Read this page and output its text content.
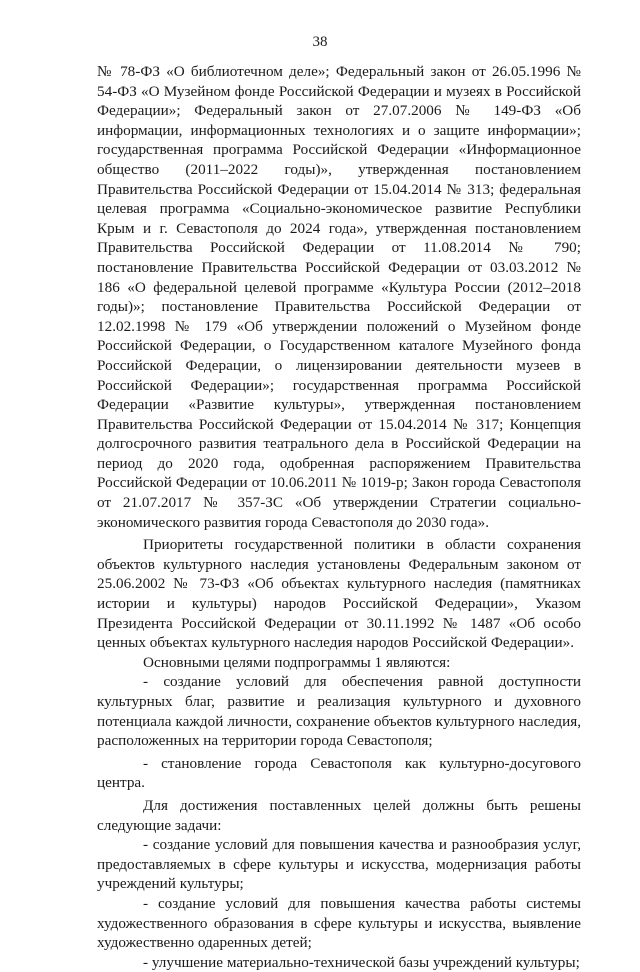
38

№ 78-ФЗ «О библиотечном деле»; Федеральный закон от 26.05.1996 № 54-ФЗ «О Музейном фонде Российской Федерации и музеях в Российской Федерации»; Федеральный закон от 27.07.2006 № 149-ФЗ «Об информации, информационных технологиях и о защите информации»; государственная программа Российской Федерации «Информационное общество (2011–2022 годы)», утвержденная постановлением Правительства Российской Федерации от 15.04.2014 № 313; федеральная целевая программа «Социально-экономическое развитие Республики Крым и г. Севастополя до 2024 года», утвержденная постановлением Правительства Российской Федерации от 11.08.2014 № 790; постановление Правительства Российской Федерации от 03.03.2012 № 186 «О федеральной целевой программе «Культура России (2012–2018 годы)»; постановление Правительства Российской Федерации от 12.02.1998 № 179 «Об утверждении положений о Музейном фонде Российской Федерации, о Государственном каталоге Музейного фонда Российской Федерации, о лицензировании деятельности музеев в Российской Федерации»; государственная программа Российской Федерации «Развитие культуры», утвержденная постановлением Правительства Российской Федерации от 15.04.2014 № 317; Концепция долгосрочного развития театрального дела в Российской Федерации на период до 2020 года, одобренная распоряжением Правительства Российской Федерации от 10.06.2011 № 1019-р; Закон города Севастополя от 21.07.2017 № 357-ЗС «Об утверждении Стратегии социально-экономического развития города Севастополя до 2030 года».

Приоритеты государственной политики в области сохранения объектов культурного наследия установлены Федеральным законом от 25.06.2002 № 73-ФЗ «Об объектах культурного наследия (памятниках истории и культуры) народов Российской Федерации», Указом Президента Российской Федерации от 30.11.1992 № 1487 «Об особо ценных объектах культурного наследия народов Российской Федерации».

Основными целями подпрограммы 1 являются:

- создание условий для обеспечения равной доступности культурных благ, развитие и реализация культурного и духовного потенциала каждой личности, сохранение объектов культурного наследия, расположенных на территории города Севастополя;

- становление города Севастополя как культурно-досугового центра.

Для достижения поставленных целей должны быть решены следующие задачи:

- создание условий для повышения качества и разнообразия услуг, предоставляемых в сфере культуры и искусства, модернизация работы учреждений культуры;

- создание условий для повышения качества работы системы художественного образования в сфере культуры и искусства, выявление художественно одаренных детей;

- улучшение материально-технической базы учреждений культуры;
